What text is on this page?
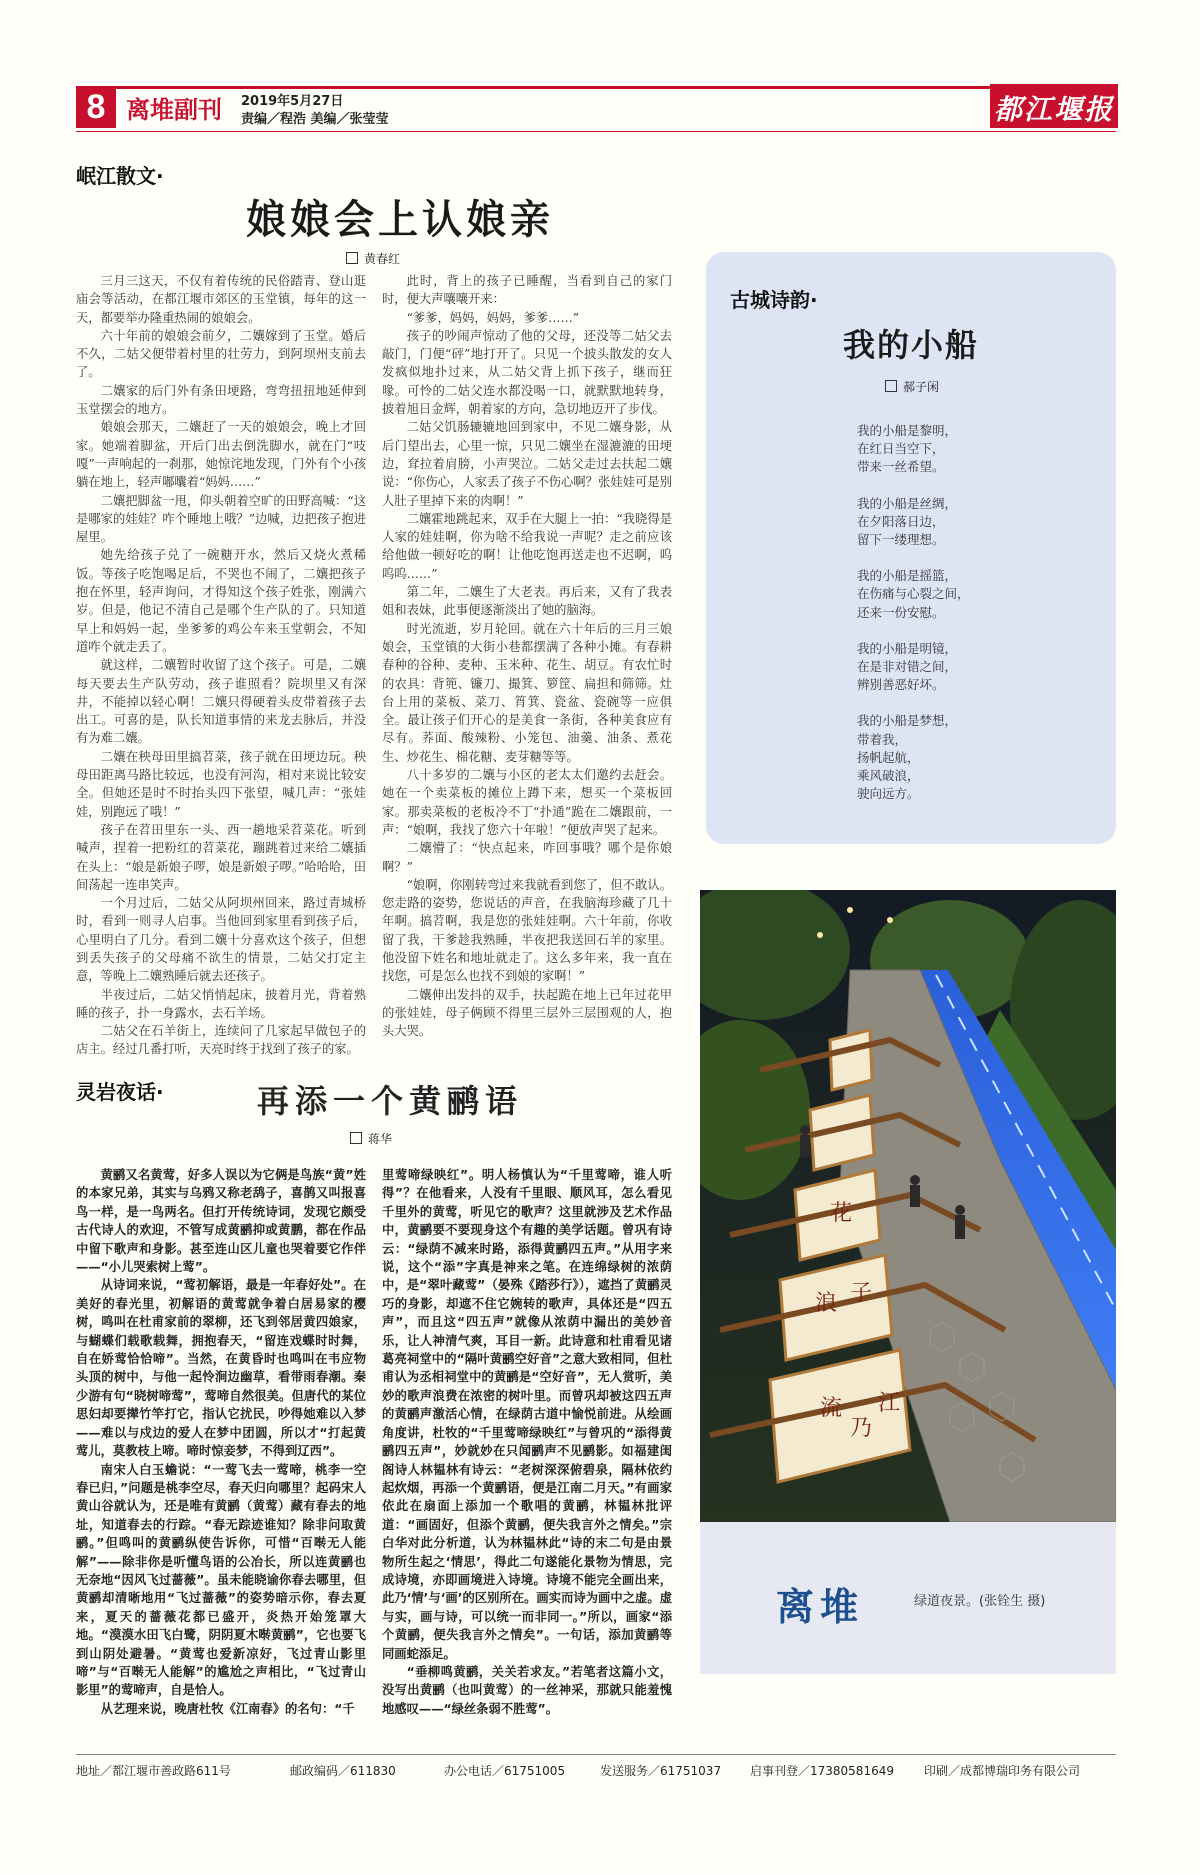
8 离堆副刊 2019年5月27日
责编／程浩 美编／张莹莹	都江堰报
岷江散文·
娘娘会上认娘亲
黄春红

三月三这天，不仅有着传统的民俗踏青、登山逛庙会等活动，在都江堰市郊区的玉堂镇，每年的这一天，都要举办隆重热闹的娘娘会。

六十年前的娘娘会前夕，二孃嫁到了玉堂。婚后不久，二姑父便带着村里的壮劳力，到阿坝州支前去了。

二孃家的后门外有条田埂路，弯弯扭扭地延伸到玉堂摆会的地方。

娘娘会那天，二孃赶了一天的娘娘会，晚上才回家。她端着脚盆，开后门出去倒洗脚水，就在门“吱嘎”一声响起的一刹那，她惊诧地发现，门外有个小孩躺在地上，轻声嘟囔着“妈妈……”

二孃把脚盆一甩，仰头朝着空旷的田野高喊：“这是哪家的娃娃？咋个睡地上哦？”边喊，边把孩子抱进屋里。

她先给孩子兑了一碗糖开水，然后又烧火煮稀饭。等孩子吃饱喝足后，不哭也不闹了，二孃把孩子抱在怀里，轻声询问，才得知这个孩子姓张，刚满六岁。但是，他记不清自己是哪个生产队的了。只知道早上和妈妈一起，坐爹爹的鸡公车来玉堂朝会，不知道咋个就走丢了。

就这样，二孃暂时收留了这个孩子。可是，二孃每天要去生产队劳动，孩子谁照看？院坝里又有深井，不能掉以轻心啊！二孃只得硬着头皮带着孩子去出工。可喜的是，队长知道事情的来龙去脉后，并没有为难二孃。

二孃在秧母田里搞苕菜，孩子就在田埂边玩。秧母田距离马路比较远，也没有河沟，相对来说比较安全。但她还是时不时抬头四下张望，喊几声：“张娃娃，别跑远了哦！”

孩子在苕田里东一头、西一趟地采苕菜花。听到喊声，捏着一把粉红的苕菜花，蹦跳着过来给二孃插在头上：“娘是新娘子啰，娘是新娘子啰。”哈哈哈，田间荡起一连串笑声。

一个月过后，二姑父从阿坝州回来，路过青城桥时，看到一则寻人启事。当他回到家里看到孩子后，心里明白了几分。看到二孃十分喜欢这个孩子，但想到丢失孩子的父母痛不欲生的情景，二姑父打定主意，等晚上二孃熟睡后就去还孩子。

半夜过后，二姑父悄悄起床，披着月光，背着熟睡的孩子，扑一身露水，去石羊场。

二姑父在石羊街上，连续问了几家起早做包子的店主。经过几番打听，天亮时终于找到了孩子的家。

此时，背上的孩子已睡醒，当看到自己的家门时，便大声嚷嚷开来：

“爹爹，妈妈，妈妈，爹爹……”

孩子的吵闹声惊动了他的父母，还没等二姑父去敲门，门便“砰”地打开了。只见一个披头散发的女人发疯似地扑过来，从二姑父背上抓下孩子，继而狂喙。可怜的二姑父连水都没喝一口，就默默地转身，披着旭日金辉，朝着家的方向，急切地迈开了步伐。

二姑父饥肠辘辘地回到家中，不见二孃身影，从后门望出去，心里一惊，只见二孃坐在湿漉漉的田埂边，耷拉着肩膀，小声哭泣。二姑父走过去扶起二孃说：“你伤心，人家丢了孩子不伤心啊？张娃娃可是别人肚子里掉下来的肉啊！”

二孃霍地跳起来，双手在大腿上一拍：“我晓得是人家的娃娃啊，你为啥不给我说一声呢？走之前应该给他做一顿好吃的啊！让他吃饱再送走也不迟啊，呜呜呜……”

第二年，二孃生了大老表。再后来，又有了我表姐和表妹，此事便逐渐淡出了她的脑海。

时光流逝，岁月轮回。就在六十年后的三月三娘娘会，玉堂镇的大街小巷都摆满了各种小摊。有春耕春种的谷种、麦种、玉米种、花生、胡豆。有农忙时的农具：背篼、镰刀、撮箕、箩筐、扁担和筛筛。灶台上用的菜板、菜刀、筲箕、瓷盆、瓷碗等一应俱全。最让孩子们开心的是美食一条街，各种美食应有尽有。荞面、酸辣粉、小笼包、油羹、油条、煮花生、炒花生、棉花糖、麦芽糖等等。

八十多岁的二孃与小区的老太太们邀约去赶会。她在一个卖菜板的摊位上蹲下来，想买一个菜板回家。那卖菜板的老板冷不丁“扑通”跪在二孃跟前，一声：“娘啊，我找了您六十年啦！”便放声哭了起来。

二孃懵了：“快点起来，咋回事哦？哪个是你娘啊？”

“娘啊，你刚转弯过来我就看到您了，但不敢认。您走路的姿势，您说话的声音，在我脑海珍藏了几十年啊。搞苕啊，我是您的张娃娃啊。六十年前，你收留了我，干爹趁我熟睡，半夜把我送回石羊的家里。他没留下姓名和地址就走了。这么多年来，我一直在找您，可是怎么也找不到娘的家啊！”

二孃伸出发抖的双手，扶起跪在地上已年过花甲的张娃娃，母子俩顾不得里三层外三层围观的人，抱头大哭。

古城诗韵·
我的小船
郝子闲
我的小船是黎明，
在红日当空下，
带来一丝希望。
我的小船是丝绸，
在夕阳落日边，
留下一缕理想。
我的小船是摇篮，
在伤痛与心裂之间，
还来一份安慰。
我的小船是明镜，
在是非对错之间，
辨别善恶好坏。
我的小船是梦想，
带着我，
扬帆起航，
乘风破浪，
驶向远方。
流
乃
江
浪 子
花
离堆	绿道夜景。(张铨生 摄)
灵岩夜话·	再添一个黄鹂语
蒋华

黄鹂又名黄莺，好多人误以为它俩是鸟族“黄”姓的本家兄弟，其实与乌鸦又称老鸹子，喜鹊又叫报喜鸟一样，是一鸟两名。但打开传统诗词，发现它颇受古代诗人的欢迎，不管写成黄鹂抑或黄鹏，都在作品中留下歌声和身影。甚至连山区儿童也哭着要它作伴——“小儿哭索树上莺”。

从诗词来说，“莺初解语，最是一年春好处”。在美好的春光里，初解语的黄莺就争着白居易家的樱树，鸣叫在杜甫家前的翠柳，还飞到邻居黄四娘家，与蝴蝶们载歌载舞，拥抱春天，“留连戏蝶时时舞，自在娇莺恰恰啼”。当然，在黄昏时也鸣叫在韦应物头顶的树中，与他一起怜涧边幽草，看带雨春潮。秦少游有句“晓树啼莺”，莺啼自然很美。但唐代的某位思妇却要撵竹竿打它，指认它扰民，吵得她难以入梦——难以与戍边的爱人在梦中团圆，所以才“打起黄莺儿，莫教枝上啼。啼时惊妾梦，不得到辽西”。

南宋人白玉蟾说：“一莺飞去一莺啼，桃李一空春已归，”问题是桃李空尽，春天归向哪里？起码宋人黄山谷就认为，还是唯有黄鹂（黄莺）藏有春去的地址，知道春去的行踪。“春无踪迹谁知？除非问取黄鹂。”但鸣叫的黄鹂纵使告诉你，可惜“百啭无人能解”——除非你是听懂鸟语的公冶长，所以连黄鹂也无奈地“因风飞过蔷薇”。虽未能晓谕你春去哪里，但黄鹂却清晰地用“飞过蔷薇”的姿势暗示你，春去夏来，夏天的蔷薇花都已盛开，炎热开始笼罩大地。“漠漠水田飞白鹭，阴阴夏木啭黄鹂”，它也要飞到山阴处避暑。“黄莺也爱新凉好，飞过青山影里啼”与“百啭无人能解”的尴尬之声相比，“飞过青山影里”的莺啼声，自是恰人。

从艺理来说，晚唐杜牧《江南春》的名句：“千

里莺啼绿映红”。明人杨慎认为“千里莺啼，谁人听得”？在他看来，人没有千里眼、顺风耳，怎么看见千里外的黄莺，听见它的歌声？这里就涉及艺术作品中，黄鹂要不要现身这个有趣的美学话题。曾巩有诗云：“绿荫不减来时路，添得黄鹂四五声。”从用字来说，这个“添”字真是神来之笔。在连绵绿树的浓荫中，是“翠叶藏莺”（晏殊《踏莎行》），遮挡了黄鹂灵巧的身影，却遮不住它婉转的歌声，具体还是“四五声”，而且这“四五声”就像从浓荫中漏出的美妙音乐，让人神清气爽，耳目一新。此诗意和杜甫看见诸葛亮祠堂中的“隔叶黄鹂空好音”之意大致相同，但杜甫认为丞相祠堂中的黄鹂是“空好音”，无人赏听，美妙的歌声浪费在浓密的树叶里。而曾巩却被这四五声的黄鹂声激活心情，在绿荫古道中愉悦前进。从绘画角度讲，杜牧的“千里莺啼绿映红”与曾巩的“添得黄鹂四五声”，妙就妙在只闻鹂声不见鹂影。如福建闺阁诗人林韫林有诗云：“老树深深俯碧泉，隔林依约起炊烟，再添一个黄鹂语，便是江南二月天。”有画家依此在扇面上添加一个歌唱的黄鹂，林韫林批评道：“画固好，但添个黄鹂，便失我言外之情矣。”宗白华对此分析道，认为林韫林此“诗的末二句是由景物所生起之‘情思’，得此二句遂能化景物为情思，完成诗境，亦即画境进入诗境。诗境不能完全画出来，此乃‘情’与‘画’的区别所在。画实而诗为画中之虚。虚与实，画与诗，可以统一而非同一。”所以，画家“添个黄鹂，便失我言外之情矣”。一句话，添加黄鹂等同画蛇添足。

“垂柳鸣黄鹂，关关若求友。”若笔者这篇小文，没写出黄鹂（也叫黄莺）的一丝神采，那就只能羞愧地感叹——“绿丝条弱不胜莺”。

地址／都江堰市善政路611号	邮政编码／611830	办公电话／61751005	发送服务／61751037 启事刊登／17380581649	印刷／成都博瑞印务有限公司
